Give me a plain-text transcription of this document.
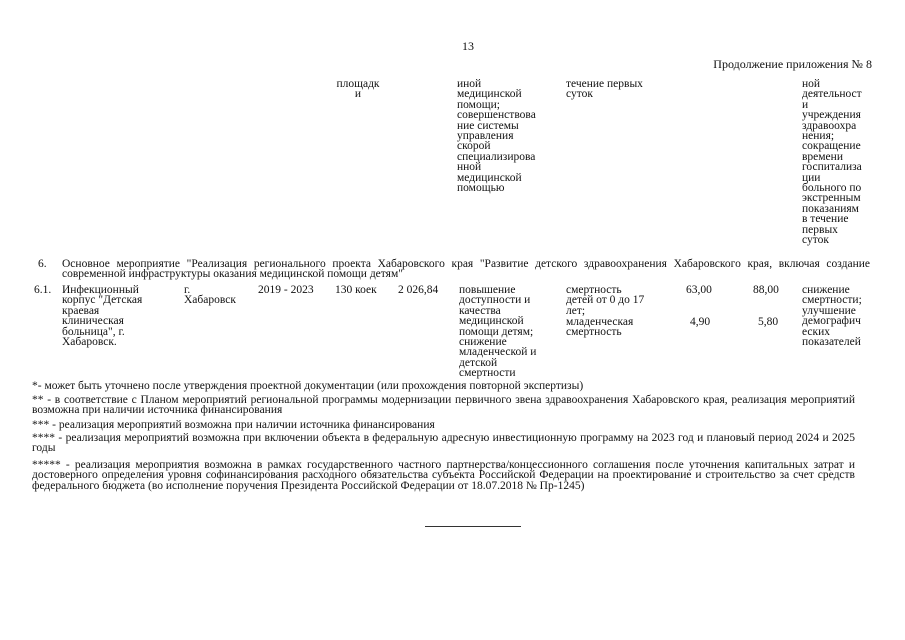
13
Продолжение приложения № 8
площадк
и
иной
медицинской
помощи;
совершенствова
ние системы
управления
скорой
специализирова
нной
медицинской
помощью
течение первых
суток
ной
деятельност
и
учреждения
здравоохра
нения;
сокращение
времени
госпитализа
ции
больного по
экстренным
показаниям
в течение
первых
суток
6. Основное мероприятие "Реализация регионального проекта Хабаровского края "Развитие детского здравоохранения Хабаровского края, включая создание современной инфраструктуры оказания медицинской помощи детям"
6.1. Инфекционный
корпус "Детская
краевая
клиническая
больница", г.
Хабаровск.
г.
Хабаровск
2019 - 2023 130 коек 2 026,84 повышение
доступности и
качества
медицинской
помощи детям;
снижение
младенческой и
детской
смертности
смертность
детей от 0 до 17
лет;
младенческая
смертность
63,00	88,00
4,90	5,80
снижение
смертности;
улучшение
демографич
еских
показателей
*- может быть уточнено после утверждения проектной документации (или прохождения повторной экспертизы)
** - в соответствие с Планом мероприятий региональной программы модернизации первичного звена здравоохранения Хабаровского края, реализация мероприятий возможна при наличии источника финансирования
*** - реализация мероприятий возможна при наличии источника финансирования
**** - реализация мероприятий возможна при включении объекта в федеральную адресную инвестиционную программу на 2023 год и плановый период 2024 и 2025 годы
***** - реализация мероприятия возможна в рамках государственного частного партнерства/концессионного соглашения после уточнения капитальных затрат и достоверного определения уровня софинансирования расходного обязательства субъекта Российской Федерации на проектирование и строительство за счет средств федерального бюджета (во исполнение поручения Президента Российской Федерации от 18.07.2018 № Пр-1245)
